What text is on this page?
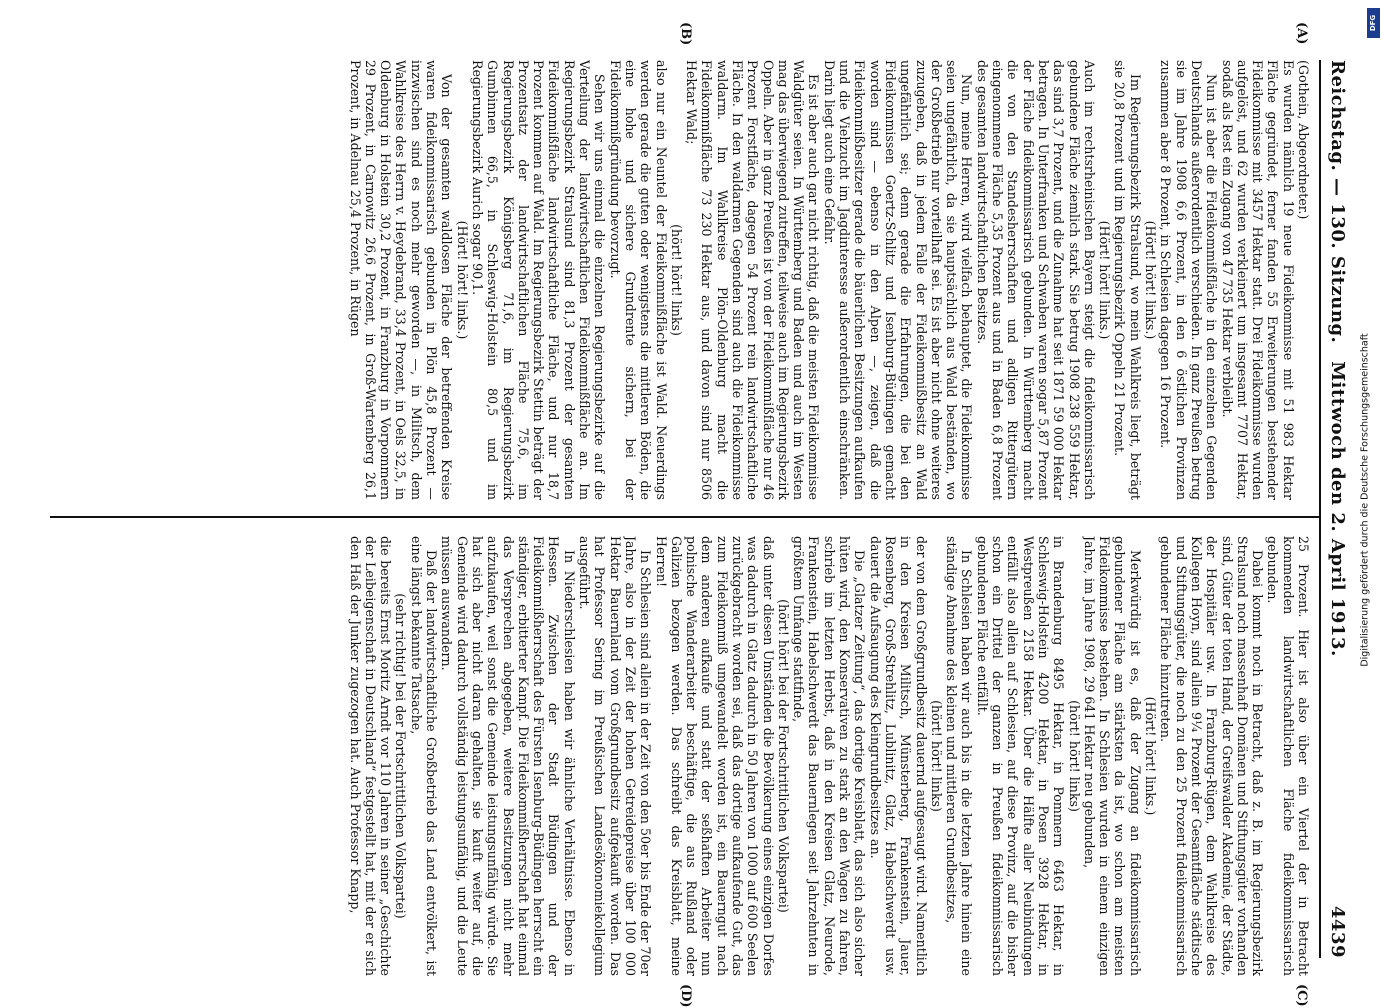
Reichstag. — 130. Sitzung.
Mittwoch den 2. April 1913.
4439
(A)
(B)
(C)
(D)

(Gothein, Abgeordneter.)

Es wurden nämlich 19 neue Fideikommisse mit 51 983 Hektar Fläche gegründet, ferner fanden 55 Erweiterungen bestehender Fideikommisse mit 3457 Hektar statt. Drei Fideikommisse wurden aufgelöst, und 62 wurden verkleinert um insgesamt 7707 Hektar, sodaß als Rest ein Zugang von 47 735 Hektar verbleibt.

Nun ist aber die Fideikommißfläche in den einzelnen Gegenden Deutschlands außerordentlich verschieden. In ganz Preußen betrug sie im Jahre 1908 6,6 Prozent, in den 6 östlichen Provinzen zusammen aber 8 Prozent, in Schlesien dagegen 16 Prozent.

(Hört! hört! links.)

Im Regierungsbezirk Stralsund, wo mein Wahlkreis liegt, beträgt sie 20,8 Prozent und im Regierungsbezirk Oppeln 21 Prozent.

(Hört! hört! links.)

Auch im rechtsrheinischen Bayern steigt die fideikommissarisch gebundene Fläche ziemlich stark. Sie betrug 1908 238 559 Hektar, das sind 3,7 Prozent, und die Zunahme hat seit 1871 59 000 Hektar betragen. In Unterfranken und Schwaben waren sogar 5,87 Prozent der Fläche fideikommissarisch gebunden. In Württemberg macht die von den Standesherrschaften und adligen Rittergütern eingenommene Fläche 5,35 Prozent aus und in Baden 6,8 Prozent des gesamten landwirtschaftlichen Besitzes.

Nun, meine Herren, wird vielfach behauptet, die Fideikommisse seien ungefährlich, da sie hauptsächlich aus Wald beständen, wo der Großbetrieb nur vorteilhaft sei. Es ist aber nicht ohne weiteres zuzugeben, daß in jedem Falle der Fideikommißbesitz an Wald ungefährlich sei; denn gerade die Erfahrungen, die bei den Fideikommissen Goertz-Schlitz und Isenburg-Büdingen gemacht worden sind — ebenso in den Alpen —, zeigen, daß die Fideikommißbesitzer gerade die bäuerlichen Besitzungen aufkaufen und die Viehzucht im Jagdinteresse außerordentlich einschränken. Darin liegt auch eine Gefahr.

Es ist aber auch gar nicht richtig, daß die meisten Fideikommisse Waldgüter seien. In Württemberg und Baden und auch im Westen mag das überwiegend zutreffen, teilweise auch im Regierungsbezirk Oppeln. Aber in ganz Preußen ist von der Fideikommißfläche nur 46 Prozent Forstfläche, dagegen 54 Prozent rein landwirtschaftliche Fläche. In den waldarmen Gegenden sind auch die Fideikommisse waldarm. Im Wahlkreise Plön-Oldenburg macht die Fideikommißfläche 73 230 Hektar aus, und davon sind nur 8506 Hektar Wald;

(hört! hört! links)

also nur ein Neuntel der Fideikommißfläche ist Wald. Neuerdings werden gerade die guten oder wenigstens die mittleren Böden, die eine hohe und sichere Grundrente sichern, bei der Fideikommißgründung bevorzugt.

Sehen wir uns einmal die einzelnen Regierungsbezirke auf die Verteilung der landwirtschaftlichen Fideikommißfläche an. Im Regierungsbezirk Stralsund sind 81,3 Prozent der gesamten Fideikommißfläche landwirtschaftliche Fläche, und nur 18,7 Prozent kommen auf Wald. Im Regierungsbezirk Stettin beträgt der Prozentsatz der landwirtschaftlichen Fläche 75,6, im Regierungsbezirk Königsberg 71,6, im Regierungsbezirk Gumbinnen 66,5, in Schleswig-Holstein 80,5 und im Regierungsbezirk Aurich sogar 90,1.

(Hört! hört! links.)

Von der gesamten waldlosen Fläche der betreffenden Kreise waren fideikommissarisch gebunden in Plön 45,8 Prozent — inzwischen sind es noch mehr geworden —, in Militsch, dem Wahlkreise des Herrn v. Heydebrand, 33,4 Prozent, in Oels 32,5, in Oldenburg in Holstein 30,2 Prozent, in Franzburg in Vorpommern 29 Prozent, in Carnowitz 26,6 Prozent, in Groß-Wartenberg 26,1 Prozent, in Adelnau 25,4 Prozent, in Rügen

25 Prozent. Hier ist also über ein Viertel der in Betracht kommenden landwirtschaftlichen Fläche fideikommissarisch gebunden.

Dabei kommt noch in Betracht, daß z. B. im Regierungsbezirk Stralsund noch massenhaft Domänen und Stiftungsgüter vorhanden sind, Güter der toten Hand, der Greifswalder Akademie, der Städte, der Hospitäler usw. In Franzburg-Rügen, dem Wahlkreise des Kollegen Hoyn, sind allein 9¼ Prozent der Gesamtfläche städtische und Stiftungsgüter, die noch zu den 25 Prozent fideikommissarisch gebundener Fläche hinzutreten.

(Hört! hört! links.)

Merkwürdig ist es, daß der Zugang an fideikommissarisch gebundener Fläche am stärksten da ist, wo schon am meisten Fideikommisse bestehen. In Schlesien wurden in einem einzigen Jahre, im Jahre 1908, 29 641 Hektar neu gebunden,

(hört! hört! links)

in Brandenburg 8495 Hektar, in Pommern 6463 Hektar, in Schleswig-Holstein 4200 Hektar, in Posen 3928 Hektar, in Westpreußen 2158 Hektar. Über die Hälfte aller Neubindungen entfällt also allein auf Schlesien, auf diese Provinz, auf die bisher schon ein Drittel der ganzen in Preußen fideikommissarisch gebundenen Fläche entfällt.

In Schlesien haben wir auch bis in die letzten Jahre hinein eine ständige Abnahme des kleinen und mittleren Grundbesitzes,

(hört! hört! links)

der von dem Großgrundbesitz dauernd aufgesaugt wird. Namentlich in den Kreisen Militsch, Münsterberg, Frankenstein, Jauer, Rosenberg, Groß-Strehlitz, Lublinitz, Glatz, Habelschwerdt usw. dauert die Aufsaugung des Kleingrundbesitzes an.

Die „Glatzer Zeitung“, das dortige Kreisblatt, das sich also sicher hüten wird, den Konservativen zu stark an den Wagen zu fahren, schrieb im letzten Herbst, daß in den Kreisen Glatz, Neurode, Frankenstein, Habelschwerdt das Bauernlegen seit Jahrzehnten in größtem Umfange stattfinde,

(hört! hört! bei der Fortschrittlichen Volkspartei)

daß unter diesen Umständen die Bevölkerung eines einzigen Dorfes was dadurch in Glatz dadurch in 50 Jahren von 1000 auf 600 Seelen zurückgebracht worden sei, daß das dortige aufkaufende Gut, das zum Fideikommiß umgewandelt worden ist, ein Bauerngut nach dem anderen aufkaufe und statt der seßhaften Arbeiter nun polnische Wanderarbeiter beschäftige, die aus Rußland oder Galizien bezogen werden. Das schreibt das Kreisblatt, meine Herren!

In Schlesien sind allein in der Zeit von den 50er bis Ende der 70er Jahre, also in der Zeit der hohen Getreidepreise über 100 000 Hektar Bauernland vom Großgrundbesitz aufgekauft worden. Das hat Professor Sering im Preußischen Landesökonomiekollegium ausgeführt.

In Niederschlesien haben wir ähnliche Verhältnisse. Ebenso in Hessen. Zwischen der Stadt Büdingen und der Fideikommißherrschaft des Fürsten Isenburg-Büdingen herrscht ein ständiger, erbitterter Kampf. Die Fideikommißherrschaft hat einmal das Versprechen abgegeben, weitere Besitzungen nicht mehr aufzukaufen, weil sonst die Gemeinde leistungsunfähig würde. Sie hat sich aber nicht daran gehalten, sie kauft weiter auf, die Gemeinde wird dadurch vollständig leistungsunfähig, und die Leute müssen auswandern.

Daß der landwirtschaftliche Großbetrieb das Land entvölkert, ist eine längst bekannte Tatsache,

(sehr richtig! bei der Fortschrittlichen Volkspartei)

die bereits Ernst Moritz Arndt vor 110 Jahren in seiner „Geschichte der Leibeigenschaft in Deutschland“ festgestellt hat, mit der er sich den Haß der Junker zugezogen hat. Auch Professor Knapp,

Digitalisierung gefördert durch die Deutsche Forschungsgemeinschaft
DFG
